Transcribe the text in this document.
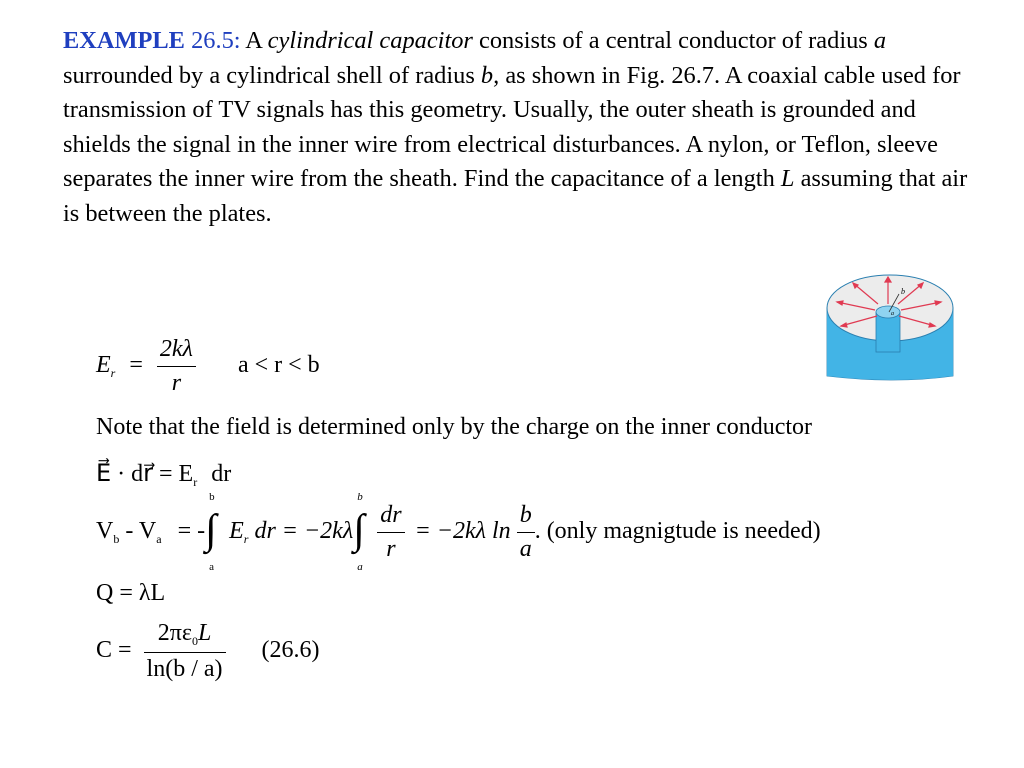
EXAMPLE 26.5: A cylindrical capacitor consists of a central conductor of radius a surrounded by a cylindrical shell of radius b, as shown in Fig. 26.7. A coaxial cable used for transmission of TV signals has this geometry. Usually, the outer sheath is grounded and shields the signal in the inner wire from electrical disturbances. A nylon, or Teflon, sleeve separates the inner wire from the sheath. Find the capacitance of a length L assuming that air is between the plates.
b
a
$E_r = \frac{2k\lambda}{r}$ a < r < b
Note that the field is determined only by the charge on the inner conductor
E⃗ · dr⃗ = $E_r$ dr
$V_b - V_a$ = - ∫
b
a
$E_r$ dr = −2kλ ∫
b
a

$\frac{dr}{r} = -2k\lambda$ $\ln \frac{b}{a}$ . (only magnigtude is needed)
Q = λL
$C = \frac{2\pi\varepsilon_0L}{\ln(b / a)} (26.6)$
